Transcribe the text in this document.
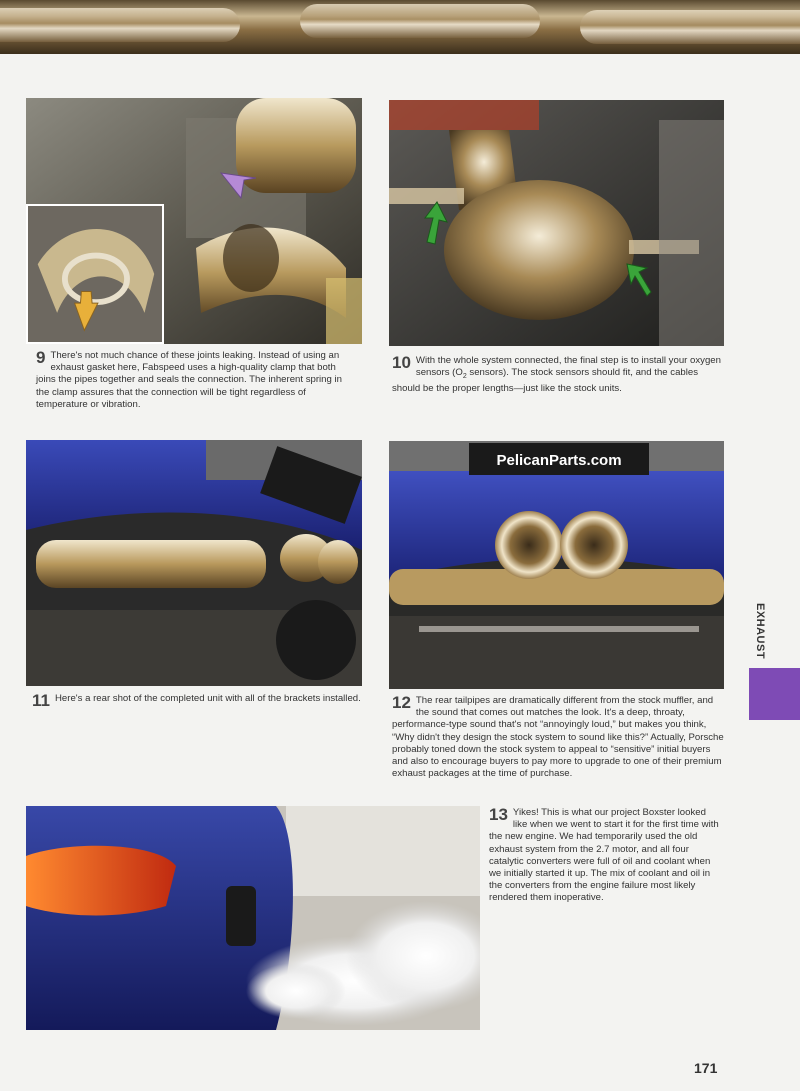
9 There's not much chance of these joints leaking. Instead of using an exhaust gasket here, Fabspeed uses a high-quality clamp that both joins the pipes together and seals the connection. The inherent spring in the clamp assures that the connection will be tight regardless of temperature or vibration.
10 With the whole system connected, the final step is to install your oxygen sensors ($O_2$ sensors). The stock sensors should fit, and the cables should be the proper lengths—just like the stock units.
PelicanParts.com
11 Here's a rear shot of the completed unit with all of the brackets installed. 12 The rear tailpipes are dramatically different from the stock muffler, and the sound that comes out matches the look. It's a deep, throaty, performance-type sound that's not “annoyingly loud,” but makes you think, “Why didn't they design the stock system to sound like this?” Actually, Porsche probably toned down the stock system to appeal to “sensitive” initial buyers and also to encourage buyers to pay more to upgrade to one of their premium exhaust packages at the time of purchase.
13 Yikes! This is what our project Boxster looked like when we went to start it for the first time with the new engine. We had temporarily used the old exhaust system from the 2.7 motor, and all four catalytic converters were full of oil and coolant when we initially started it up. The mix of coolant and oil in the converters from the engine failure most likely rendered them inoperative.
EXHAUST
171
